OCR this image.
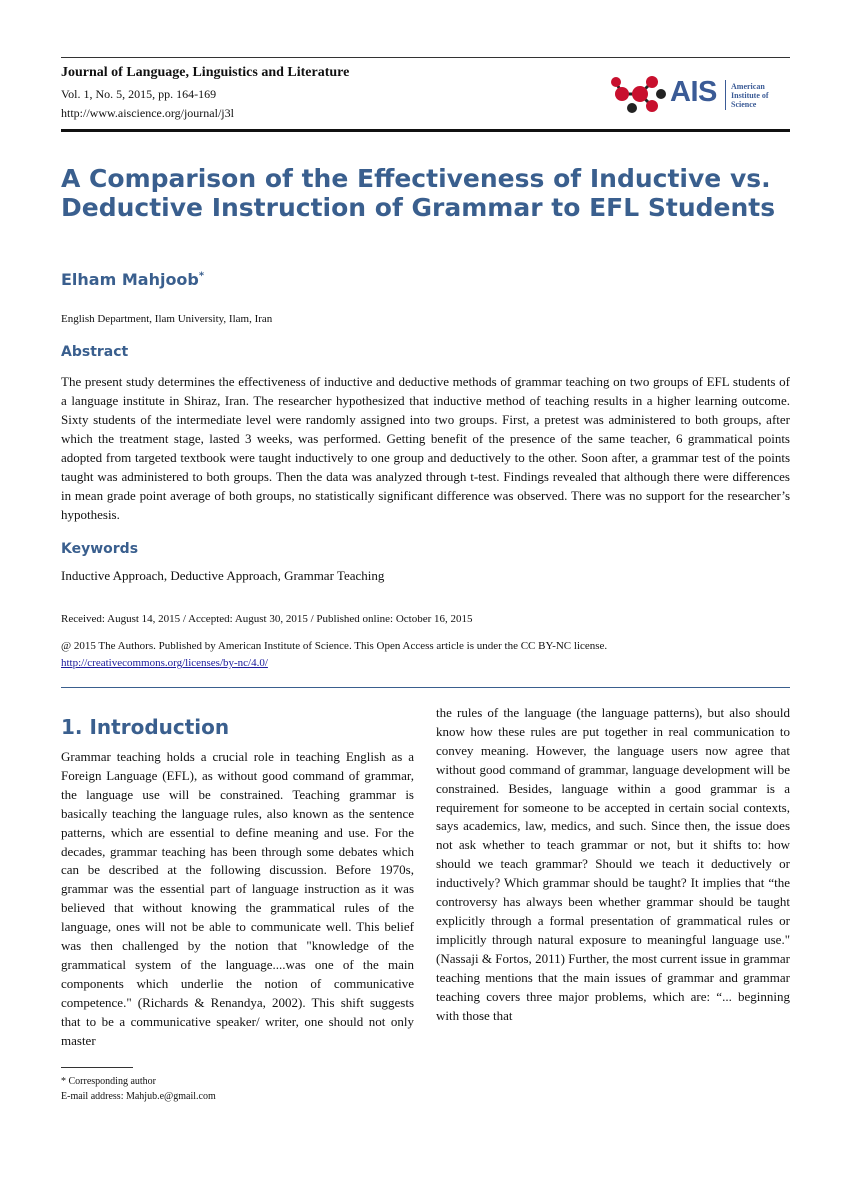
Journal of Language, Linguistics and Literature
Vol. 1, No. 5, 2015, pp. 164-169
http://www.aiscience.org/journal/j3l
AIS American
Institute of
Science
A Comparison of the Effectiveness of Inductive vs. Deductive Instruction of Grammar to EFL Students
Elham Mahjoob*
English Department, Ilam University, Ilam, Iran
Abstract
The present study determines the effectiveness of inductive and deductive methods of grammar teaching on two groups of EFL students of a language institute in Shiraz, Iran. The researcher hypothesized that inductive method of teaching results in a higher learning outcome. Sixty students of the intermediate level were randomly assigned into two groups. First, a pretest was administered to both groups, after which the treatment stage, lasted 3 weeks, was performed. Getting benefit of the presence of the same teacher, 6 grammatical points adopted from targeted textbook were taught inductively to one group and deductively to the other. Soon after, a grammar test of the points taught was administered to both groups. Then the data was analyzed through t-test. Findings revealed that although there were differences in mean grade point average of both groups, no statistically significant difference was observed. There was no support for the researcher’s hypothesis.
Keywords
Inductive Approach, Deductive Approach, Grammar Teaching
Received: August 14, 2015 / Accepted: August 30, 2015 / Published online: October 16, 2015
@ 2015 The Authors. Published by American Institute of Science. This Open Access article is under the CC BY-NC license.
http://creativecommons.org/licenses/by-nc/4.0/
1. Introduction
Grammar teaching holds a crucial role in teaching English as a Foreign Language (EFL), as without good command of grammar, the language use will be constrained. Teaching grammar is basically teaching the language rules, also known as the sentence patterns, which are essential to define meaning and use. For the decades, grammar teaching has been through some debates which can be described at the following discussion. Before 1970s, grammar was the essential part of language instruction as it was believed that without knowing the grammatical rules of the language, ones will not be able to communicate well. This belief was then challenged by the notion that "knowledge of the grammatical system of the language....was one of the main components which underlie the notion of communicative competence." (Richards & Renandya, 2002). This shift suggests that to be a communicative speaker/ writer, one should not only master
the rules of the language (the language patterns), but also should know how these rules are put together in real communication to convey meaning. However, the language users now agree that without good command of grammar, language development will be constrained. Besides, language within a good grammar is a requirement for someone to be accepted in certain social contexts, says academics, law, medics, and such. Since then, the issue does not ask whether to teach grammar or not, but it shifts to: how should we teach grammar? Should we teach it deductively or inductively? Which grammar should be taught? It implies that “the controversy has always been whether grammar should be taught explicitly through a formal presentation of grammatical rules or implicitly through natural exposure to meaningful language use." (Nassaji & Fortos, 2011) Further, the most current issue in grammar teaching mentions that the main issues of grammar and grammar teaching covers three major problems, which are: “... beginning with those that
* Corresponding author
E-mail address: Mahjub.e@gmail.com
